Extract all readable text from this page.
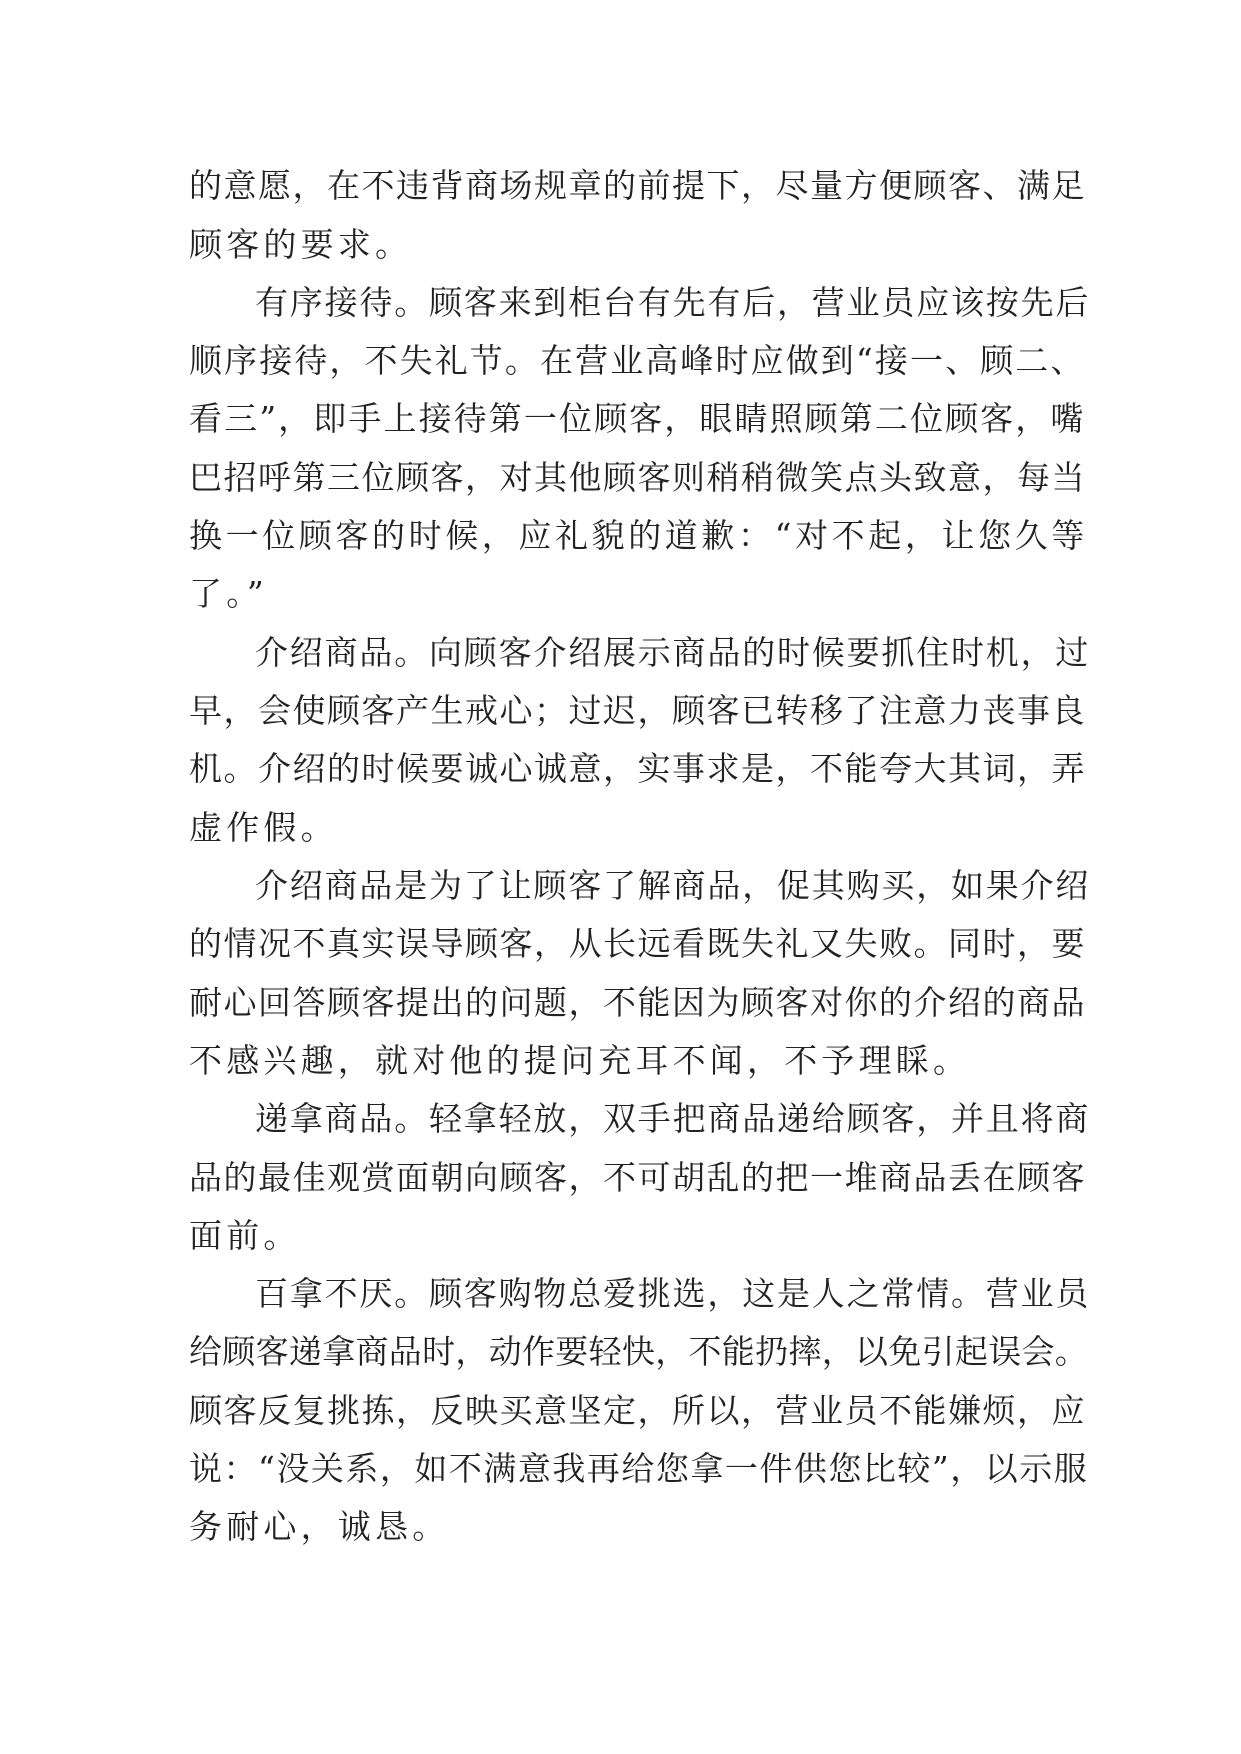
的意愿，在不违背商场规章的前提下，尽量方便顾客、满足

顾客的要求。

有序接待。顾客来到柜台有先有后，营业员应该按先后

顺序接待，不失礼节。在营业高峰时应做到“接一、顾二、

看三”，即手上接待第一位顾客，眼睛照顾第二位顾客，嘴

巴招呼第三位顾客，对其他顾客则稍稍微笑点头致意，每当

换一位顾客的时候，应礼貌的道歉：“对不起，让您久等

了。”

介绍商品。向顾客介绍展示商品的时候要抓住时机，过

早，会使顾客产生戒心；过迟，顾客已转移了注意力丧事良

机。介绍的时候要诚心诚意，实事求是，不能夸大其词，弄

虚作假。

介绍商品是为了让顾客了解商品，促其购买，如果介绍

的情况不真实误导顾客，从长远看既失礼又失败。同时，要

耐心回答顾客提出的问题，不能因为顾客对你的介绍的商品

不感兴趣，就对他的提问充耳不闻，不予理睬。

递拿商品。轻拿轻放，双手把商品递给顾客，并且将商

品的最佳观赏面朝向顾客，不可胡乱的把一堆商品丢在顾客

面前。

百拿不厌。顾客购物总爱挑选，这是人之常情。营业员

给顾客递拿商品时，动作要轻快，不能扔摔，以免引起误会。

顾客反复挑拣，反映买意坚定，所以，营业员不能嫌烦，应

说：“没关系，如不满意我再给您拿一件供您比较”，以示服

务耐心，诚恳。
